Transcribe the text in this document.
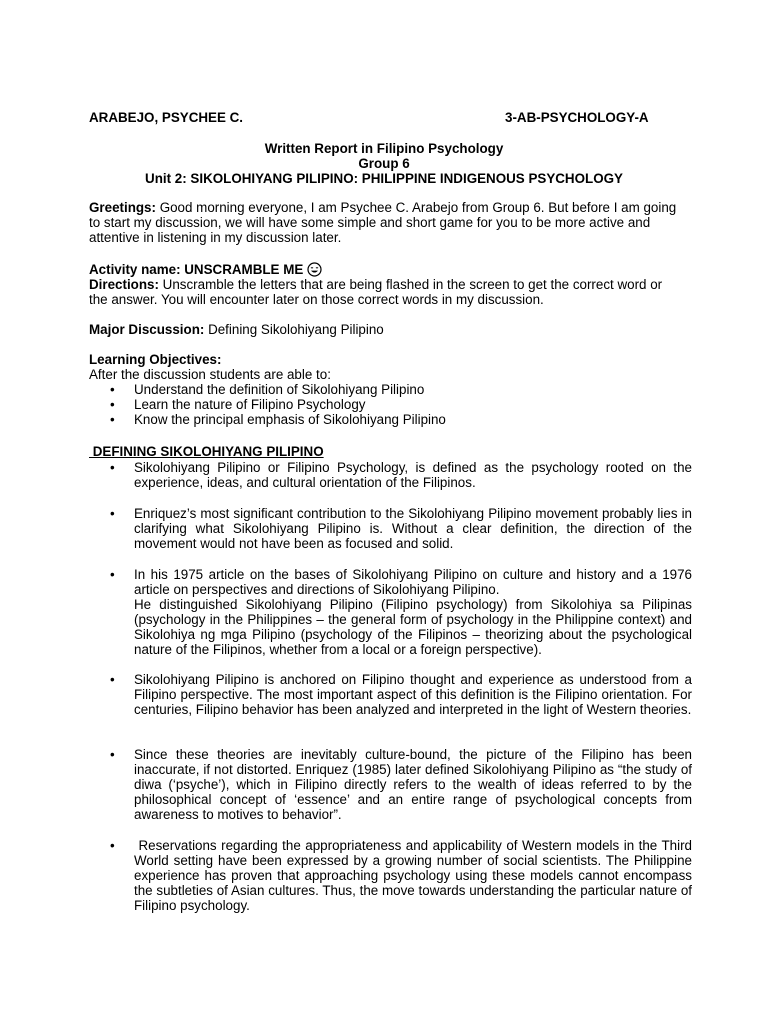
ARABEJO, PSYCHEE C.	3-AB-PSYCHOLOGY-A
Written Report in Filipino Psychology
Group 6
Unit 2: SIKOLOHIYANG PILIPINO: PHILIPPINE INDIGENOUS PSYCHOLOGY
Greetings: Good morning everyone, I am Psychee C. Arabejo from Group 6. But before I am going to start my discussion, we will have some simple and short game for you to be more active and attentive in listening in my discussion later.
Activity name: UNSCRAMBLE ME
Directions: Unscramble the letters that are being flashed in the screen to get the correct word or the answer. You will encounter later on those correct words in my discussion.
Major Discussion: Defining Sikolohiyang Pilipino
Learning Objectives:
After the discussion students are able to:
• Understand the definition of Sikolohiyang Pilipino
• Learn the nature of Filipino Psychology
• Know the principal emphasis of Sikolohiyang Pilipino
DEFINING SIKOLOHIYANG PILIPINO
• Sikolohiyang Pilipino or Filipino Psychology, is defined as the psychology rooted on the experience, ideas, and cultural orientation of the Filipinos.
• Enriquez’s most significant contribution to the Sikolohiyang Pilipino movement probably lies in clarifying what Sikolohiyang Pilipino is. Without a clear definition, the direction of the movement would not have been as focused and solid.
• In his 1975 article on the bases of Sikolohiyang Pilipino on culture and history and a 1976 article on perspectives and directions of Sikolohiyang Pilipino.
He distinguished Sikolohiyang Pilipino (Filipino psychology) from Sikolohiya sa Pilipinas (psychology in the Philippines – the general form of psychology in the Philippine context) and Sikolohiya ng mga Pilipino (psychology of the Filipinos – theorizing about the psychological nature of the Filipinos, whether from a local or a foreign perspective).
• Sikolohiyang Pilipino is anchored on Filipino thought and experience as understood from a Filipino perspective. The most important aspect of this definition is the Filipino orientation. For centuries, Filipino behavior has been analyzed and interpreted in the light of Western theories.
• Since these theories are inevitably culture-bound, the picture of the Filipino has been inaccurate, if not distorted. Enriquez (1985) later defined Sikolohiyang Pilipino as “the study of diwa (‘psyche’), which in Filipino directly refers to the wealth of ideas referred to by the philosophical concept of ‘essence’ and an entire range of psychological concepts from awareness to motives to behavior”.
• Reservations regarding the appropriateness and applicability of Western models in the Third World setting have been expressed by a growing number of social scientists. The Philippine experience has proven that approaching psychology using these models cannot encompass the subtleties of Asian cultures. Thus, the move towards understanding the particular nature of Filipino psychology.
